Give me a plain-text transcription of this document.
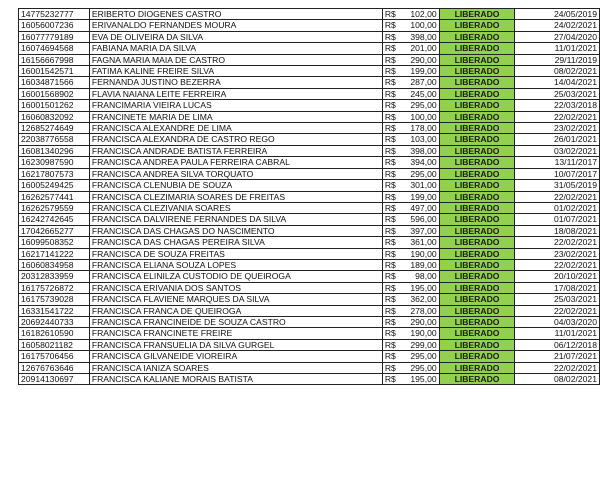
14775232777	ERIBERTO DIOGENES CASTRO	R$	102,00	LIBERADO	24/05/2019
16056007236	ERIVANALDO FERNANDES MOURA	R$	100,00	LIBERADO	24/02/2021
16077779189	EVA DE OLIVEIRA DA SILVA	R$	398,00	LIBERADO	27/04/2020
16074694568	FABIANA MARIA DA SILVA	R$	201,00	LIBERADO	11/01/2021
16156667998	FAGNA MARIA MAIA DE CASTRO	R$	290,00	LIBERADO	29/11/2019
16001542571	FATIMA KALINE FREIRE SILVA	R$	199,00	LIBERADO	08/02/2021
16034871566	FERNANDA JUSTINO BEZERRA	R$	287,00	LIBERADO	14/04/2021
16001568902	FLAVIA NAIANA LEITE FERREIRA	R$	245,00	LIBERADO	25/03/2021
16001501262	FRANCIMARIA VIEIRA LUCAS	R$	295,00	LIBERADO	22/03/2018
16060832092	FRANCINETE MARIA DE LIMA	R$	100,00	LIBERADO	22/02/2021
12685274649	FRANCISCA ALEXANDRE DE LIMA	R$	178,00	LIBERADO	23/02/2021
22038776558	FRANCISCA ALEXANDRA DE CASTRO REGO	R$	103,00	LIBERADO	26/01/2021
16081340296	FRANCISCA ANDRADE BATISTA FERREIRA	R$	398,00	LIBERADO	03/02/2021
16230987590	FRANCISCA ANDREA PAULA FERREIRA CABRAL	R$	394,00	LIBERADO	13/11/2017
16217807573	FRANCISCA ANDREA SILVA TORQUATO	R$	295,00	LIBERADO	10/07/2017
16005249425	FRANCISCA CLENUBIA DE SOUZA	R$	301,00	LIBERADO	31/05/2019
16262577441	FRANCISCA CLEZIMARIA SOARES DE FREITAS	R$	199,00	LIBERADO	22/02/2021
16262579559	FRANCISCA CLEZIVANIA SOARES	R$	497,00	LIBERADO	01/02/2021
16242742645	FRANCISCA DALVIRENE FERNANDES DA SILVA	R$	596,00	LIBERADO	01/07/2021
17042665277	FRANCISCA DAS CHAGAS DO NASCIMENTO	R$	397,00	LIBERADO	18/08/2021
16099508352	FRANCISCA DAS CHAGAS PEREIRA SILVA	R$	361,00	LIBERADO	22/02/2021
16217141222	FRANCISCA DE SOUZA FREITAS	R$	190,00	LIBERADO	23/02/2021
16060834958	FRANCISCA ELIANA SOUZA LOPES	R$	189,00	LIBERADO	22/02/2021
20312833959	FRANCISCA ELINILZA CUSTODIO DE QUEIROGA	R$	98,00	LIBERADO	20/10/2021
16175726872	FRANCISCA ERIVANIA DOS SANTOS	R$	195,00	LIBERADO	17/08/2021
16175739028	FRANCISCA FLAVIENE MARQUES DA SILVA	R$	362,00	LIBERADO	25/03/2021
16331541722	FRANCISCA FRANCA DE QUEIROGA	R$	278,00	LIBERADO	22/02/2021
20692440733	FRANCISCA FRANCINEIDE DE SOUZA CASTRO	R$	290,00	LIBERADO	04/03/2020
16182610590	FRANCISCA FRANCINETE FREIRE	R$	190,00	LIBERADO	11/01/2021
16058021182	FRANCISCA FRANSUELIA DA SILVA GURGEL	R$	299,00	LIBERADO	06/12/2018
16175706456	FRANCISCA GILVANEIDE VIOREIRA	R$	295,00	LIBERADO	21/07/2021
12676763646	FRANCISCA IANIZA SOARES	R$	295,00	LIBERADO	22/02/2021
20914130697	FRANCISCA KALIANE MORAIS BATISTA	R$	195,00	LIBERADO	08/02/2021
